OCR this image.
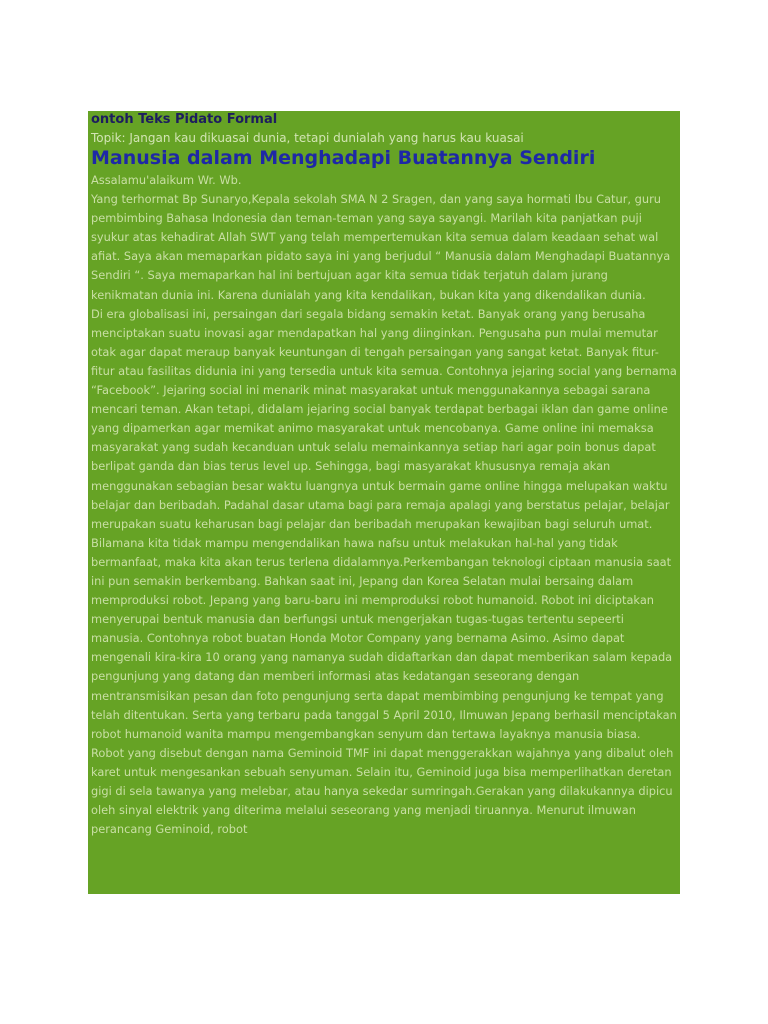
ontoh Teks Pidato Formal
Topik: Jangan kau dikuasai dunia, tetapi dunialah yang harus kau kuasai
Manusia dalam Menghadapi Buatannya Sendiri

Assalamu'alaikum Wr. Wb.

Yang terhormat Bp Sunaryo,Kepala sekolah SMA N 2 Sragen, dan yang saya hormati Ibu Catur, guru pembimbing Bahasa Indonesia dan teman-teman yang saya sayangi. Marilah kita panjatkan puji syukur atas kehadirat Allah SWT yang telah mempertemukan kita semua dalam keadaan sehat wal afiat. Saya akan memaparkan pidato saya ini yang berjudul “ Manusia dalam Menghadapi Buatannya Sendiri “. Saya memaparkan hal ini bertujuan agar kita semua tidak terjatuh dalam jurang kenikmatan dunia ini. Karena dunialah yang kita kendalikan, bukan kita yang dikendalikan dunia.

Di era globalisasi ini, persaingan dari segala bidang semakin ketat. Banyak orang yang berusaha menciptakan suatu inovasi agar mendapatkan hal yang diinginkan. Pengusaha pun mulai memutar otak agar dapat meraup banyak keuntungan di tengah persaingan yang sangat ketat. Banyak fitur-fitur atau fasilitas didunia ini yang tersedia untuk kita semua. Contohnya jejaring social yang bernama “Facebook”. Jejaring social ini menarik minat masyarakat untuk menggunakannya sebagai sarana mencari teman. Akan tetapi, didalam jejaring social banyak terdapat berbagai iklan dan game online yang dipamerkan agar memikat animo masyarakat untuk mencobanya. Game online ini memaksa masyarakat yang sudah kecanduan untuk selalu memainkannya setiap hari agar poin bonus dapat berlipat ganda dan bias terus level up. Sehingga, bagi masyarakat khususnya remaja akan menggunakan sebagian besar waktu luangnya untuk bermain game online hingga melupakan waktu belajar dan beribadah. Padahal dasar utama bagi para remaja apalagi yang berstatus pelajar, belajar merupakan suatu keharusan bagi pelajar dan beribadah merupakan kewajiban bagi seluruh umat. Bilamana kita tidak mampu mengendalikan hawa nafsu untuk melakukan hal-hal yang tidak bermanfaat, maka kita akan terus terlena didalamnya.Perkembangan teknologi ciptaan manusia saat ini pun semakin berkembang. Bahkan saat ini, Jepang dan Korea Selatan mulai bersaing dalam memproduksi robot. Jepang yang baru-baru ini memproduksi robot humanoid. Robot ini diciptakan menyerupai bentuk manusia dan berfungsi untuk mengerjakan tugas-tugas tertentu sepeerti manusia. Contohnya robot buatan Honda Motor Company yang bernama Asimo. Asimo dapat mengenali kira-kira 10 orang yang namanya sudah didaftarkan dan dapat memberikan salam kepada pengunjung yang datang dan memberi informasi atas kedatangan seseorang dengan mentransmisikan pesan dan foto pengunjung serta dapat membimbing pengunjung ke tempat yang telah ditentukan. Serta yang terbaru pada tanggal 5 April 2010, Ilmuwan Jepang berhasil menciptakan robot humanoid wanita mampu mengembangkan senyum dan tertawa layaknya manusia biasa. Robot yang disebut dengan nama Geminoid TMF ini dapat menggerakkan wajahnya yang dibalut oleh karet untuk mengesankan sebuah senyuman. Selain itu, Geminoid juga bisa memperlihatkan deretan gigi di sela tawanya yang melebar, atau hanya sekedar sumringah.Gerakan yang dilakukannya dipicu oleh sinyal elektrik yang diterima melalui seseorang yang menjadi tiruannya. Menurut ilmuwan perancang Geminoid, robot
